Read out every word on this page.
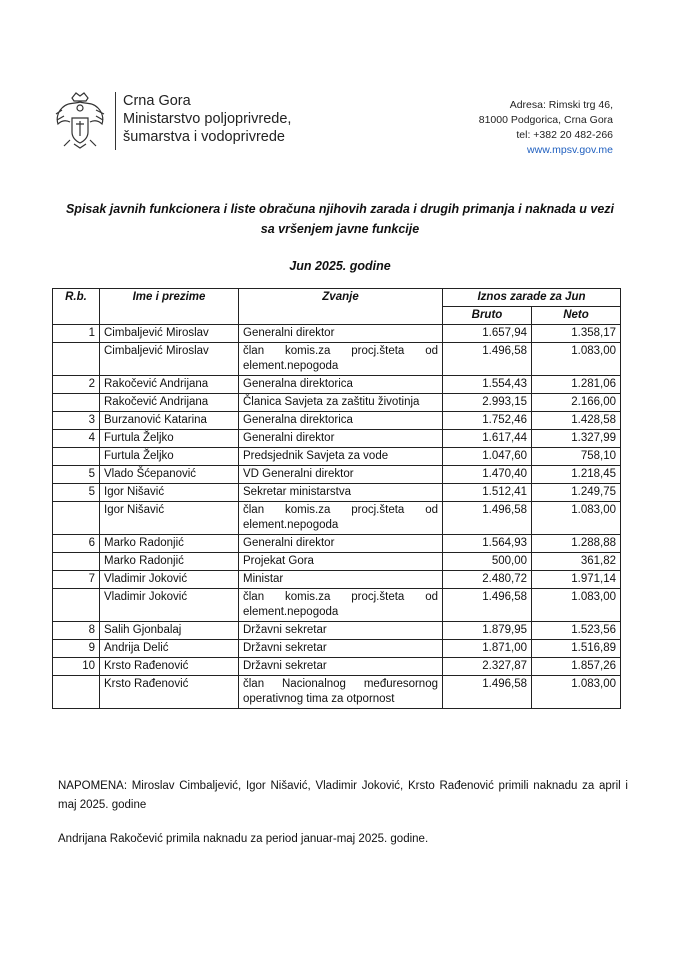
Crna Gora
Ministarstvo poljoprivrede,
šumarstva i vodoprivrede
Adresa: Rimski trg 46,
81000 Podgorica, Crna Gora
tel: +382 20 482-266
www.mpsv.gov.me
Spisak javnih funkcionera i liste obračuna njihovih zarada i drugih primanja i naknada u vezi
sa vršenjem javne funkcije
Jun 2025. godine
R.b.	Ime i prezime	Zvanje	Iznos zarade za Jun	
			Bruto	Neto
1	Cimbaljević Miroslav	Generalni direktor	1.657,94	1.358,17
	Cimbaljević Miroslav	član komis.za procj.šteta od element.nepogoda	1.496,58	1.083,00
2	Rakočević Andrijana	Generalna direktorica	1.554,43	1.281,06
	Rakočević Andrijana	Članica Savjeta za zaštitu životinja	2.993,15	2.166,00
3	Burzanović Katarina	Generalna direktorica	1.752,46	1.428,58
4	Furtula Željko	Generalni direktor	1.617,44	1.327,99
	Furtula Željko	Predsjednik Savjeta za vode	1.047,60	758,10
5	Vlado Šćepanović	VD Generalni direktor	1.470,40	1.218,45
5	Igor Nišavić	Sekretar ministarstva	1.512,41	1.249,75
	Igor Nišavić	član komis.za procj.šteta od element.nepogoda	1.496,58	1.083,00
6	Marko Radonjić	Generalni direktor	1.564,93	1.288,88
	Marko Radonjić	Projekat Gora	500,00	361,82
7	Vladimir Joković	Ministar	2.480,72	1.971,14
	Vladimir Joković	član komis.za procj.šteta od element.nepogoda	1.496,58	1.083,00
8	Salih Gjonbalaj	Državni sekretar	1.879,95	1.523,56
9	Andrija Delić	Državni sekretar	1.871,00	1.516,89
10	Krsto Rađenović	Državni sekretar	2.327,87	1.857,26
	Krsto Rađenović	član Nacionalnog međuresornog operativnog tima za otpornost	1.496,58	1.083,00
NAPOMENA: Miroslav Cimbaljević, Igor Nišavić, Vladimir Joković, Krsto Rađenović primili naknadu za april i maj 2025. godine
Andrijana Rakočević primila naknadu za period januar-maj 2025. godine.
